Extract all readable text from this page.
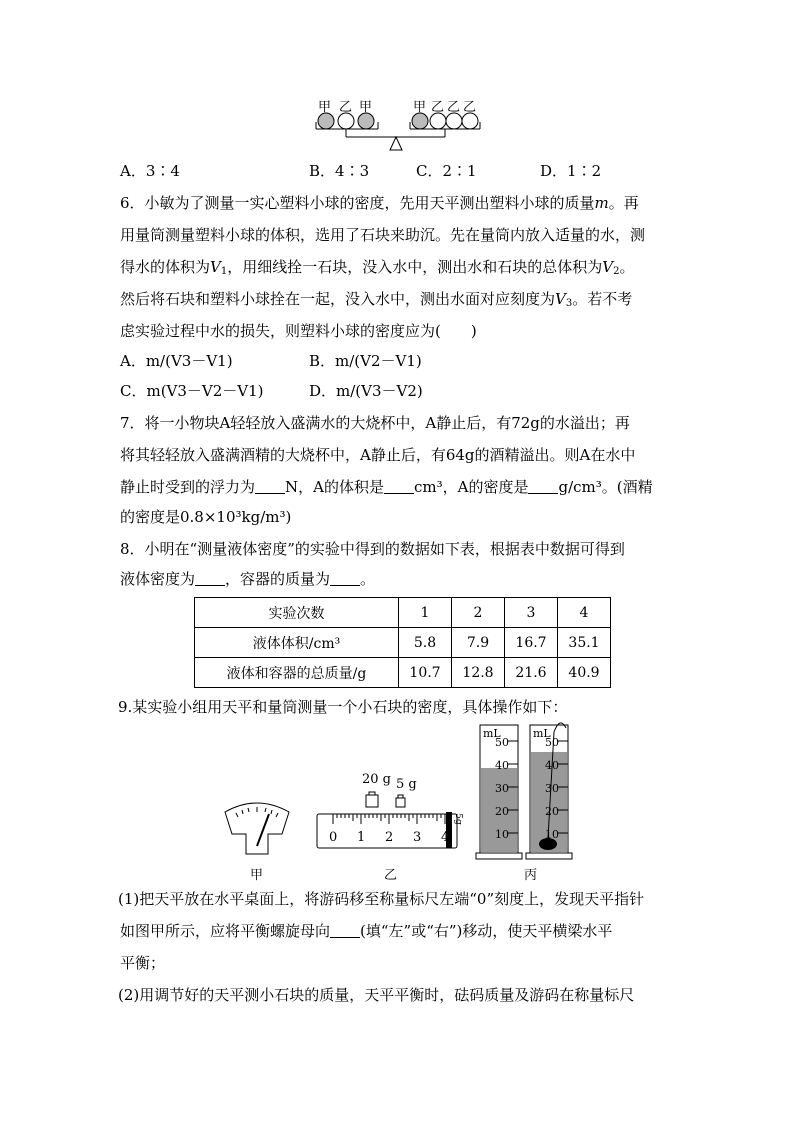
甲 乙 甲	甲 乙 乙 乙
A．3∶4	B．4∶3	C．2∶1	D．1∶2
6．小敏为了测量一实心塑料小球的密度，先用天平测出塑料小球的质量m。再
用量筒测量塑料小球的体积，选用了石块来助沉。先在量筒内放入适量的水，测
得水的体积为$V_1$，用细线拴一石块，没入水中，测出水和石块的总体积为$V_2$。
然后将石块和塑料小球拴在一起，没入水中，测出水面对应刻度为$V_3$。若不考
虑实验过程中水的损失，则塑料小球的密度应为(　　)
A．m/(V3－V1)	B．m/(V2－V1)
C．m(V3－V2－V1)	D．m/(V3－V2)
7．将一小物块A轻轻放入盛满水的大烧杯中，A静止后，有72g的水溢出；再
将其轻轻放入盛满酒精的大烧杯中，A静止后，有64g的酒精溢出。则A在水中
静止时受到的浮力为 N，A的体积是 cm³，A的密度是 g/cm³。(酒精
的密度是0.8×10³kg/m³)
8．小明在“测量液体密度”的实验中得到的数据如下表，根据表中数据可得到
液体密度为 ，容器的质量为 。
实验次数	1	2	3	4
液体体积/cm³	5.8	7.9	16.7	35.1
液体和容器的总质量/g	10.7	12.8	21.6	40.9
9.某实验小组用天平和量筒测量一个小石块的密度，具体操作如下：
20 g 5 g
0 1 2 3 4
5g
mL	mL
50
40
30
20
10
50
40
30
20
10
甲	乙	丙
(1)把天平放在水平桌面上，将游码移至称量标尺左端“0”刻度上，发现天平指针
如图甲所示，应将平衡螺旋母向 (填“左”或“右”)移动，使天平横梁水平
平衡；
(2)用调节好的天平测小石块的质量，天平平衡时，砝码质量及游码在称量标尺
